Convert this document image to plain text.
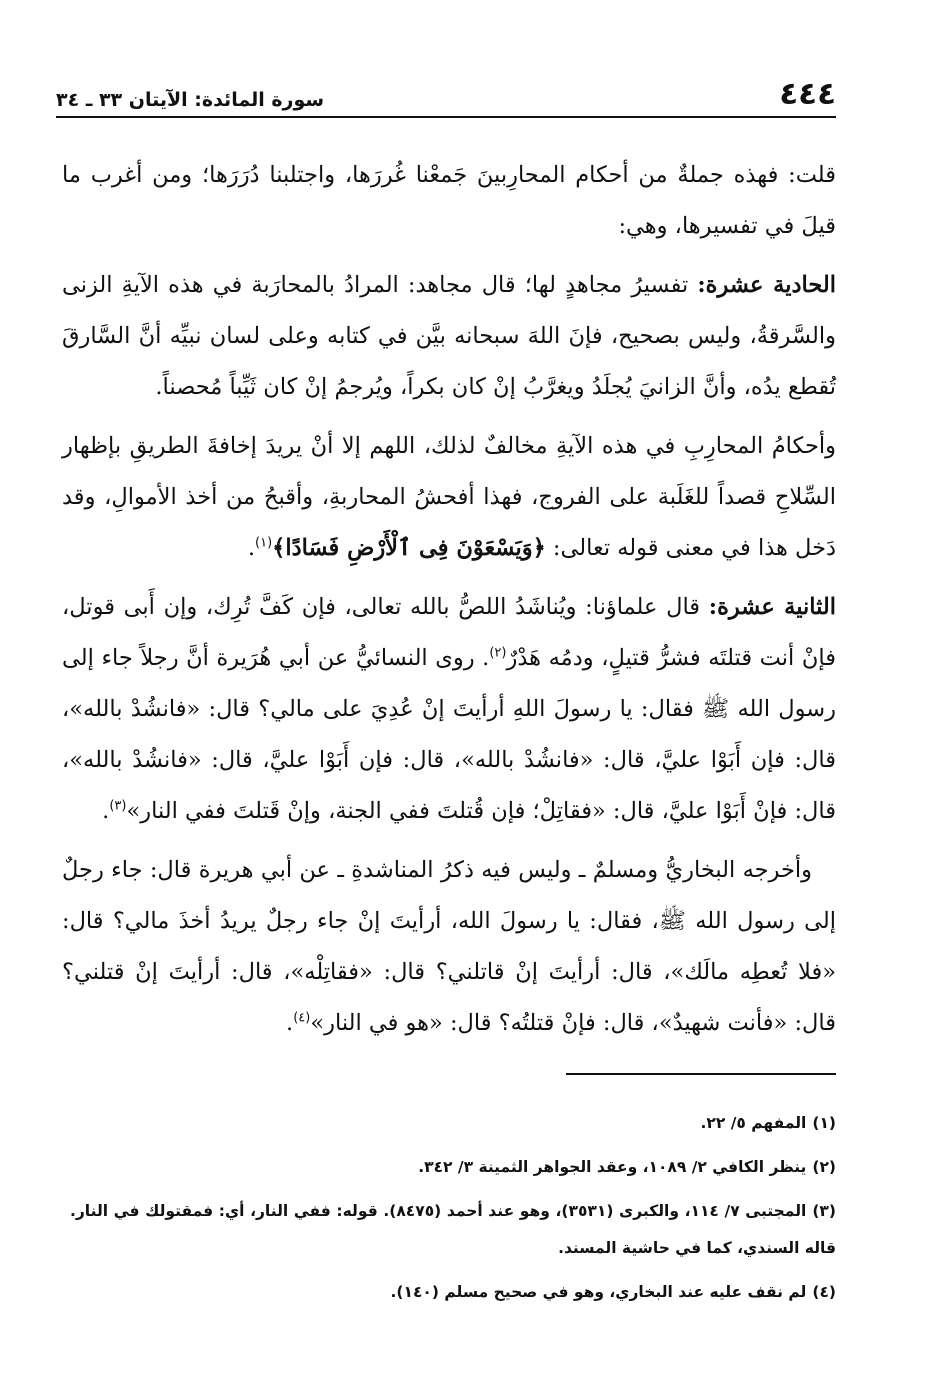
٤٤٤
سورة المائدة: الآيتان ٣٣ ـ ٣٤

قلت: فهذه جملةٌ من أحكام المحارِبينَ جَمعْنا غُررَها، واجتلبنا دُرَرَها؛ ومن أغرب ما قيلَ في تفسيرها، وهي:

الحادية عشرة: تفسيرُ مجاهدٍ لها؛ قال مجاهد: المرادُ بالمحارَبة في هذه الآيةِ الزنى والسَّرقةُ، وليس بصحيح، فإنَ اللهَ سبحانه بيَّن في كتابه وعلى لسان نبيِّه أنَّ السَّارقَ تُقطع يدُه، وأنَّ الزانيَ يُجلَدُ ويغرَّبُ إنْ كان بكراً، ويُرجمُ إنْ كان ثَيِّباً مُحصناً.

وأحكامُ المحارِبِ في هذه الآيةِ مخالفٌ لذلك، اللهم إلا أنْ يريدَ إخافةَ الطريقِ بإظهار السِّلاحِ قصداً للغَلَبة على الفروج، فهذا أفحشُ المحاربةِ، وأقبحُ من أخذ الأموالِ، وقد دَخل هذا في معنى قوله تعالى: ﴿وَيَسْعَوْنَ فِى ٱلْأَرْضِ فَسَادًا﴾$^{(١)}$.

الثانية عشرة: قال علماؤنا: ويُناشَدُ اللصُّ بالله تعالى، فإن كَفَّ تُرِك، وإن أَبى قوتل، فإنْ أنت قتلتَه فشرُّ قتيلٍ، ودمُه هَدْرٌ$^{(٢)}$. روى النسائيُّ عن أبي هُرَيرة أنَّ رجلاً جاء إلى رسول الله ﷺ فقال: يا رسولَ اللهِ أرأيتَ إنْ عُدِيَ على مالي؟ قال: «فانشُدْ بالله»، قال: فإن أَبَوْا عليَّ، قال: «فانشُدْ بالله»، قال: فإن أَبَوْا عليَّ، قال: «فانشُدْ بالله»، قال: فإنْ أَبَوْا عليَّ، قال: «فقاتِلْ؛ فإن قُتلتَ ففي الجنة، وإنْ قَتلتَ ففي النار»$^{(٣)}$.

وأخرجه البخاريُّ ومسلمٌ ـ وليس فيه ذكرُ المناشدةِ ـ عن أبي هريرة قال: جاء رجلٌ إلى رسول الله ﷺ، فقال: يا رسولَ الله، أرأيتَ إنْ جاء رجلٌ يريدُ أخذَ مالي؟ قال: «فلا تُعطِه مالَك»، قال: أرأيتَ إنْ قاتلني؟ قال: «فقاتِلْه»، قال: أرأيتَ إنْ قتلني؟ قال: «فأنت شهيدٌ»، قال: فإنْ قتلتُه؟ قال: «هو في النار»$^{(٤)}$.

(١)المفهم ٥/ ٢٢.

(٢)ينظر الكافي ٢/ ١٠٨٩، وعقد الجواهر الثمينة ٣/ ٣٤٢.

(٣)المجتبى ٧/ ١١٤، والكبرى (٣٥٣١)، وهو عند أحمد (٨٤٧٥). قوله: ففي النار، أي: فمقتولك في النار. قاله السندي، كما في حاشية المسند.

(٤)لم نقف عليه عند البخاري، وهو في صحيح مسلم (١٤٠).
